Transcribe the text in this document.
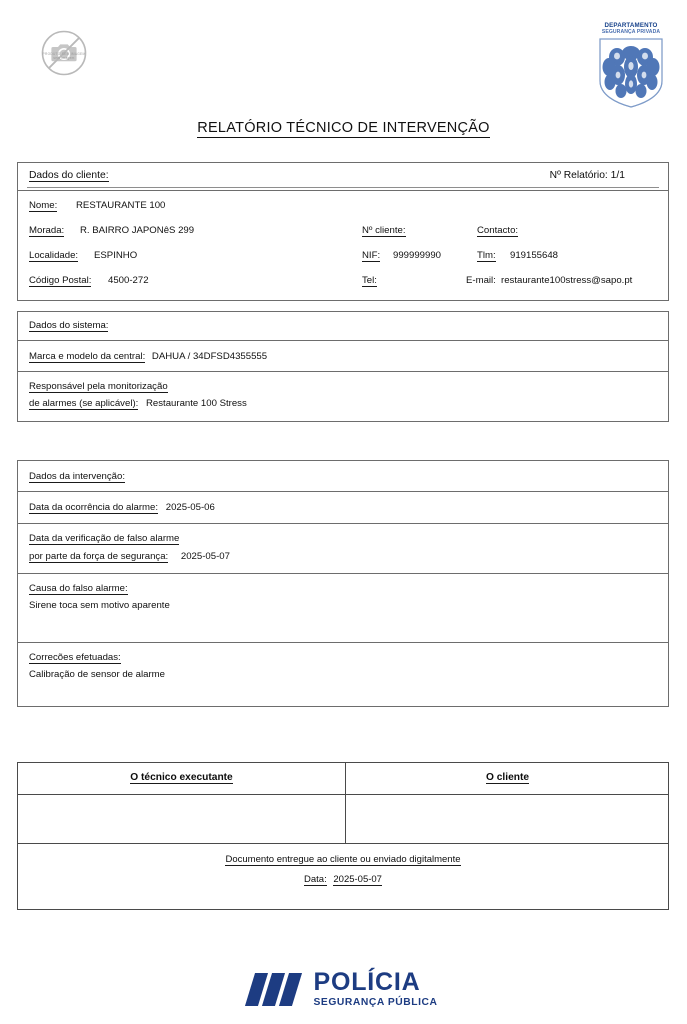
PRODUTO SEM IMAGEM
sem imagem
DEPARTAMENTO
SEGURANÇA PRIVADA
RELATÓRIO TÉCNICO DE INTERVENÇÃO
Dados do cliente:	Nº Relatório: 1/1
Nome: RESTAURANTE 100
Morada: R. BAIRRO JAPONêS 299	Nº cliente:	Contacto:
Localidade: ESPINHO	NIF: 999999990	Tlm: 919155648
Código Postal: 4500-272	Tel:	E-mail: restaurante100stress@sapo.pt
Dados do sistema:
Marca e modelo da central: DAHUA / 34DFSD4355555
Responsável pela monitorização
de alarmes (se aplicável): Restaurante 100 Stress
Dados da intervenção:
Data da ocorrência do alarme: 2025-05-06
Data da verificação de falso alarme
por parte da força de segurança: 2025-05-07
Causa do falso alarme:
Sirene toca sem motivo aparente
Correcões efetuadas:
Calibração de sensor de alarme
O técnico executante	O cliente
Documento entregue ao cliente ou enviado digitalmente
Data: 2025-05-07
POLÍCIA
SEGURANÇA PÚBLICA
